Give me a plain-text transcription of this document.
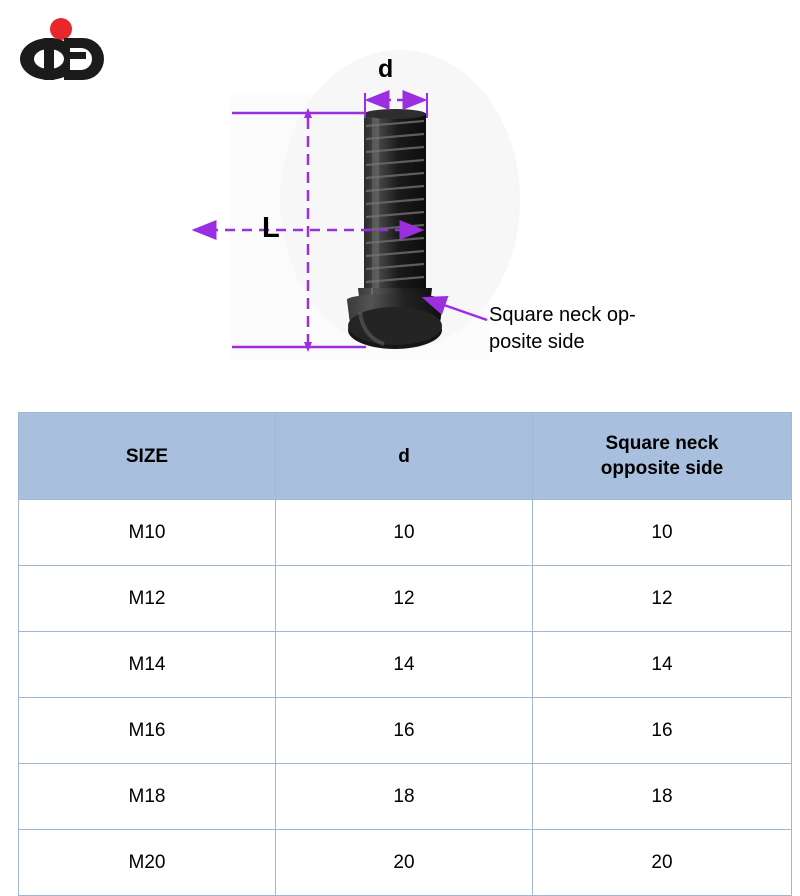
d
L
Square neck op-
posite side
SIZE	d	Square neck
opposite side
M10	10	10
M12	12	12
M14	14	14
M16	16	16
M18	18	18
M20	20	20
